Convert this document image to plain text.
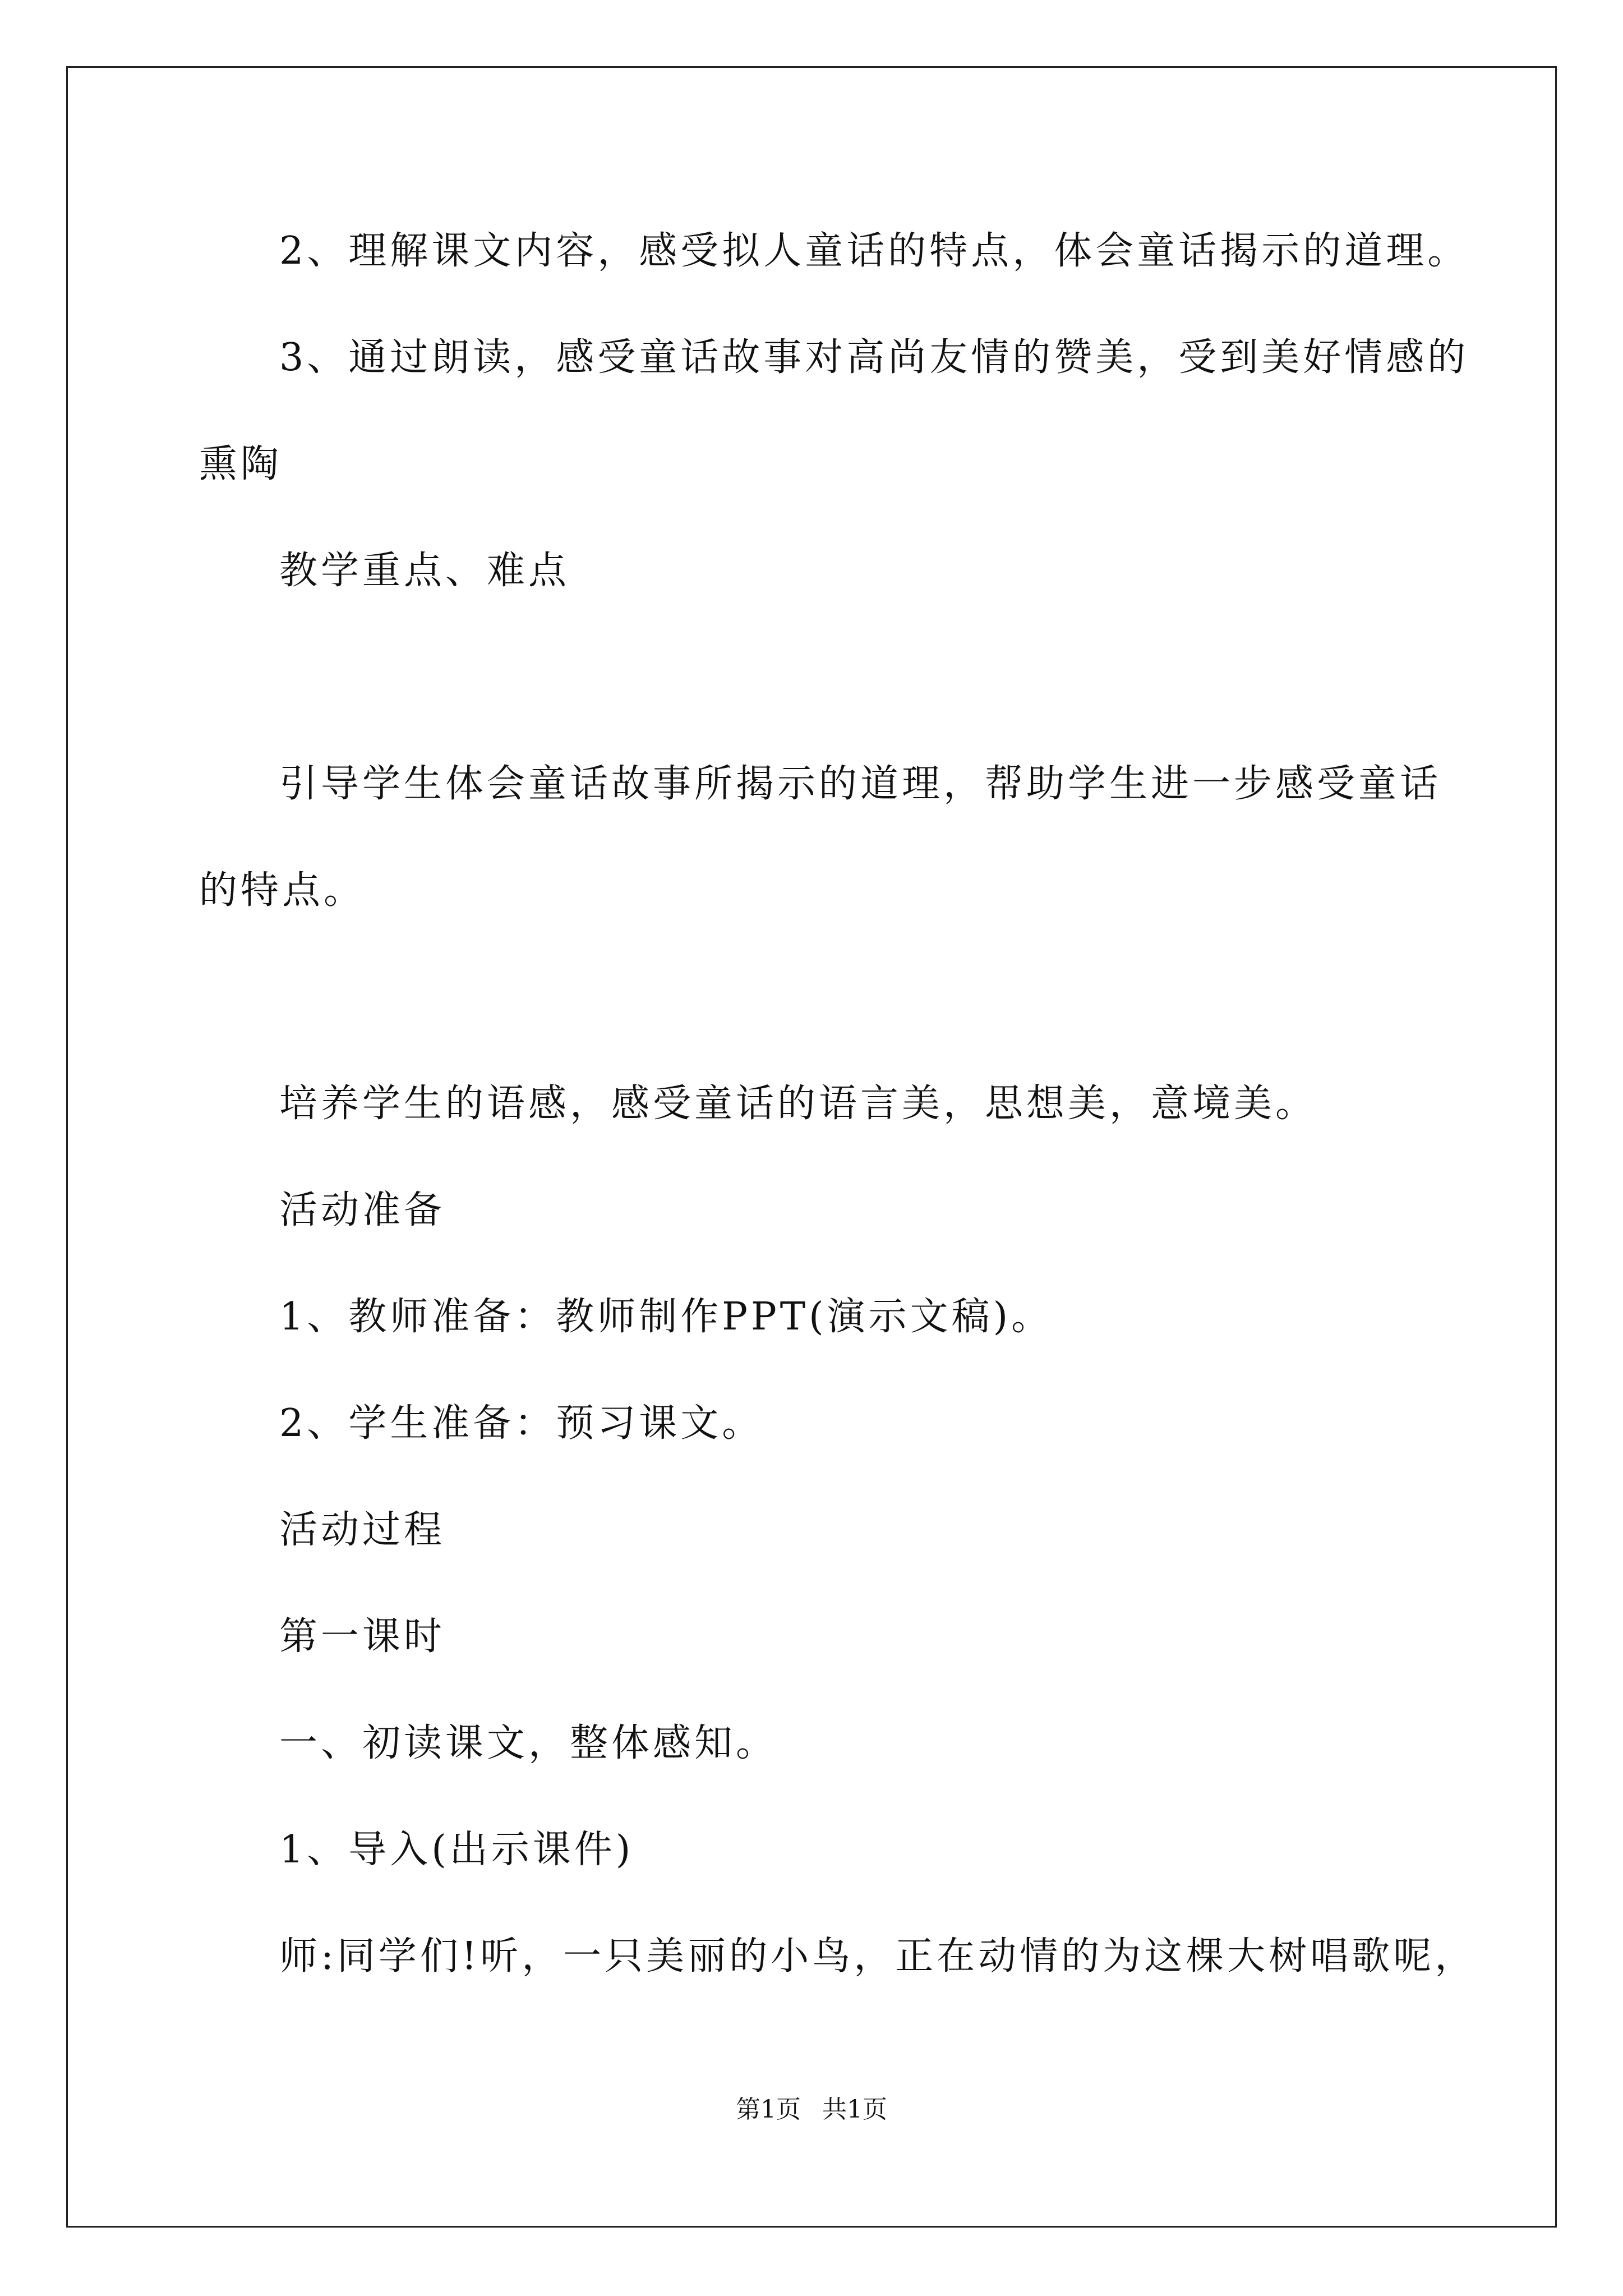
2、理解课文内容，感受拟人童话的特点，体会童话揭示的道理。
3、通过朗读，感受童话故事对高尚友情的赞美，受到美好情感的
熏陶
教学重点、难点
引导学生体会童话故事所揭示的道理，帮助学生进一步感受童话
的特点。
培养学生的语感，感受童话的语言美，思想美，意境美。
活动准备
1、教师准备：教师制作PPT(演示文稿)。
2、学生准备：预习课文。
活动过程
第一课时
一、初读课文，整体感知。
1、导入(出示课件)
师:同学们!听，一只美丽的小鸟，正在动情的为这棵大树唱歌呢，
第1页 共1页
